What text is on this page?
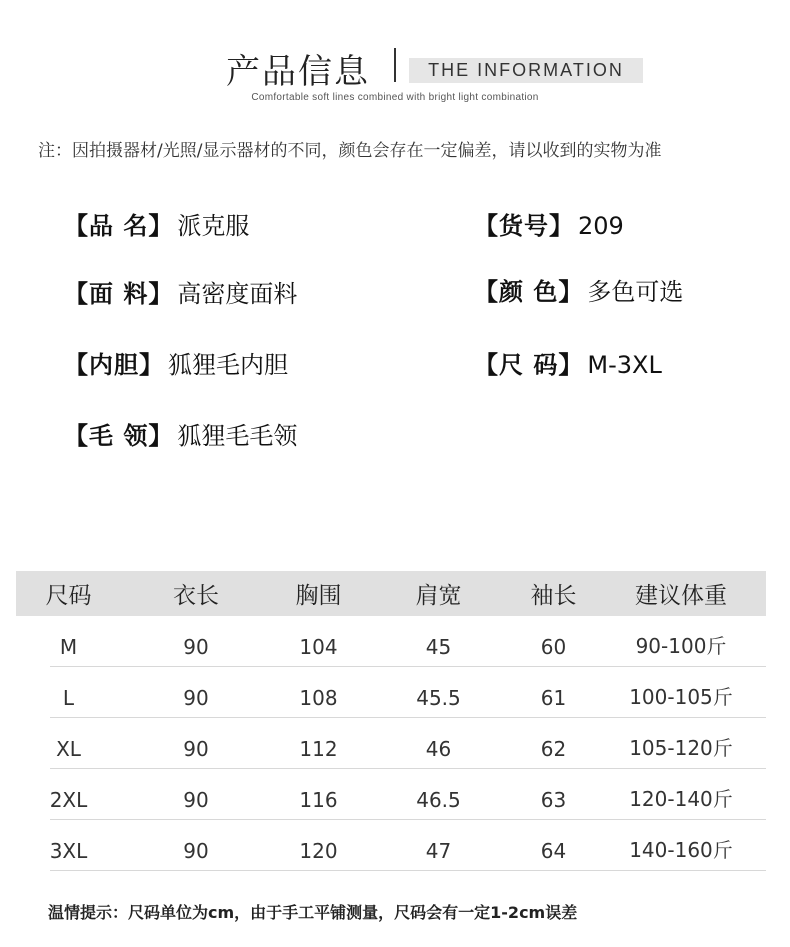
产品信息	THE INFORMATION
Comfortable soft lines combined with bright light combination
注：因拍摄器材/光照/显示器材的不同，颜色会存在一定偏差，请以收到的实物为准
【品 名】 派克服	【货号】 209
【面 料】 高密度面料	【颜 色】 多色可选
【内胆】 狐狸毛内胆	【尺 码】 M-3XL
【毛 领】 狐狸毛毛领
尺码	衣长	胸围	肩宽	袖长	建议体重
M	90	104	45	60	90-100斤
L	90	108	45.5	61	100-105斤
XL	90	112	46	62	105-120斤
2XL	90	116	46.5	63	120-140斤
3XL	90	120	47	64	140-160斤
温情提示：尺码单位为cm，由于手工平铺测量，尺码会有一定1-2cm误差
